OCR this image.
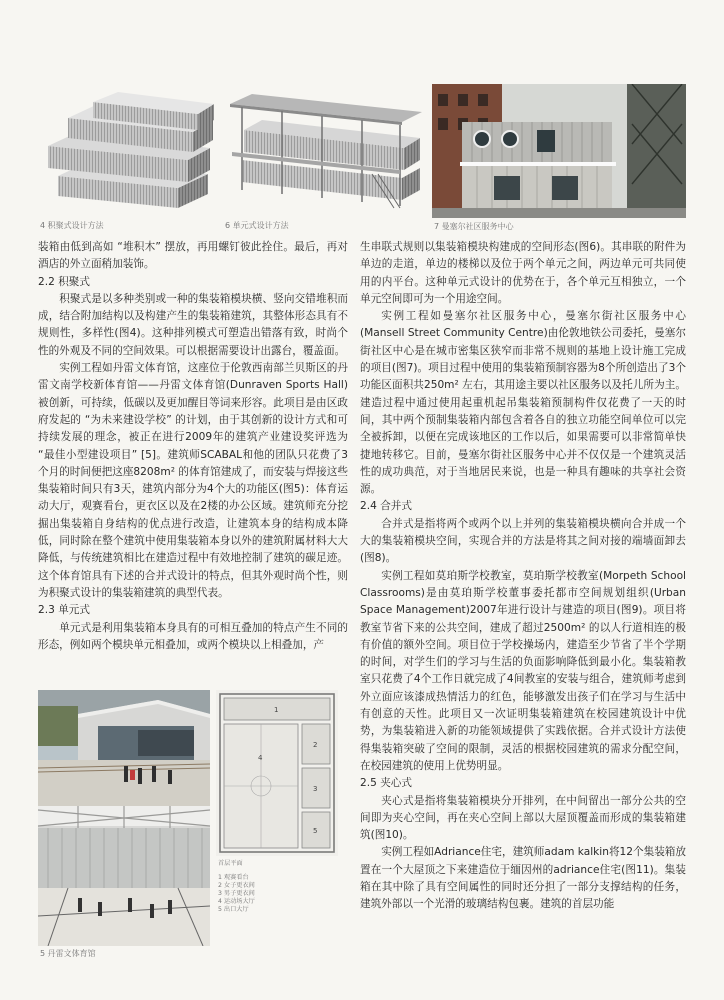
4 积聚式设计方法	6 单元式设计方法	7 曼塞尔社区服务中心

装箱由低到高如 “堆积木” 摆放，再用螺钉彼此拴住。最后，再对酒店的外立面稍加装饰。

2.2 积聚式

积聚式是以多种类别或一种的集装箱模块横、竖向交错堆积而成，结合附加结构以及构建产生的集装箱建筑，其整体形态具有不规则性，多样性(图4)。这种排列模式可塑造出错落有致，时尚个性的外观及不同的空间效果。可以根据需要设计出露台，覆盖面。

实例工程如丹雷文体育馆，这座位于伦敦西南部兰贝斯区的丹雷文南学校新体育馆——丹雷文体育馆(Dunraven Sports Hall)被创新，可持续，低碳以及更加醒目等词来形容。此项目是由区政府发起的 “为未来建设学校” 的计划，由于其创新的设计方式和可持续发展的理念，被正在进行2009年的建筑产业建设奖评选为 “最佳小型建设项目” [5]。建筑师SCABAL和他的团队只花费了3个月的时间便把这座8208m² 的体育馆建成了，而安装与焊接这些集装箱时间只有3天，建筑内部分为4个大的功能区(图5)：体育运动大厅，观赛看台，更衣区以及在2楼的办公区域。建筑师充分挖掘出集装箱自身结构的优点进行改造，让建筑本身的结构成本降低，同时除在整个建筑中使用集装箱本身以外的建筑附属材料大大降低，与传统建筑相比在建造过程中有效地控制了建筑的碳足迹。这个体育馆具有下述的合并式设计的特点，但其外观时尚个性，则为积聚式设计的集装箱建筑的典型代表。

2.3 单元式

单元式是利用集装箱本身具有的可相互叠加的特点产生不同的形态，例如两个模块单元相叠加，或两个模块以上相叠加，产

1
2
3
4
5
首层平面
1 观赛看台
2 女子更衣间
3 男子更衣间
4 运动场大厅
5 出口大厅
5 丹雷文体育馆

生串联式规则以集装箱模块构建成的空间形态(图6)。其串联的附件为单边的走道，单边的楼梯以及位于两个单元之间，两边单元可共同使用的内平台。这种单元式设计的优势在于，各个单元互相独立，一个单元空间即可为一个用途空间。

实例工程如曼塞尔社区服务中心，曼塞尔街社区服务中心(Mansell Street Community Centre)由伦敦地铁公司委托，曼塞尔街社区中心是在城市密集区狭窄而非常不规则的基地上设计施工完成的项目(图7)。项目过程中使用的集装箱预制容器为8个所创造出了3个功能区面积共250m² 左右，其用途主要以社区服务以及托儿所为主。建造过程中通过使用起重机起吊集装箱预制构件仅花费了一天的时间，其中两个预制集装箱内部包含着各自的独立功能空间单位可以完全被拆卸，以便在完成该地区的工作以后，如果需要可以非常简单快捷地转移它。目前，曼塞尔街社区服务中心并不仅仅是一个建筑灵活性的成功典范，对于当地居民来说，也是一种具有趣味的共享社会资源。

2.4 合并式

合并式是指将两个或两个以上并列的集装箱模块横向合并成一个大的集装箱模块空间，实现合并的方法是将其之间对接的端墙面卸去(图8)。

实例工程如莫珀斯学校教室，莫珀斯学校教室(Morpeth School Classrooms)是由莫珀斯学校董事委托都市空间规划组织(Urban Space Management)2007年进行设计与建造的项目(图9)。项目将教室节省下来的公共空间，建成了超过2500m² 的以人行道相连的极有价值的额外空间。项目位于学校操场内，建造至少节省了半个学期的时间，对学生们的学习与生活的负面影响降低到最小化。集装箱教室只花费了4个工作日就完成了4间教室的安装与组合，建筑师考虑到外立面应该漆成热情活力的红色，能够激发出孩子们在学习与生活中有创意的天性。此项目又一次证明集装箱建筑在校园建筑设计中优势，为集装箱进入新的功能领域提供了实践依据。合并式设计方法使得集装箱突破了空间的限制，灵活的根据校园建筑的需求分配空间，在校园建筑的使用上优势明显。

2.5 夹心式

夹心式是指将集装箱模块分开排列，在中间留出一部分公共的空间即为夹心空间，再在夹心空间上部以大屋顶覆盖而形成的集装箱建筑(图10)。

实例工程如Adriance住宅，建筑师adam kalkin将12个集装箱放置在一个大屋顶之下来建造位于缅因州的adriance住宅(图11)。集装箱在其中除了具有空间属性的同时还分担了一部分支撑结构的任务，建筑外部以一个光滑的玻璃结构包裹。建筑的首层功能
